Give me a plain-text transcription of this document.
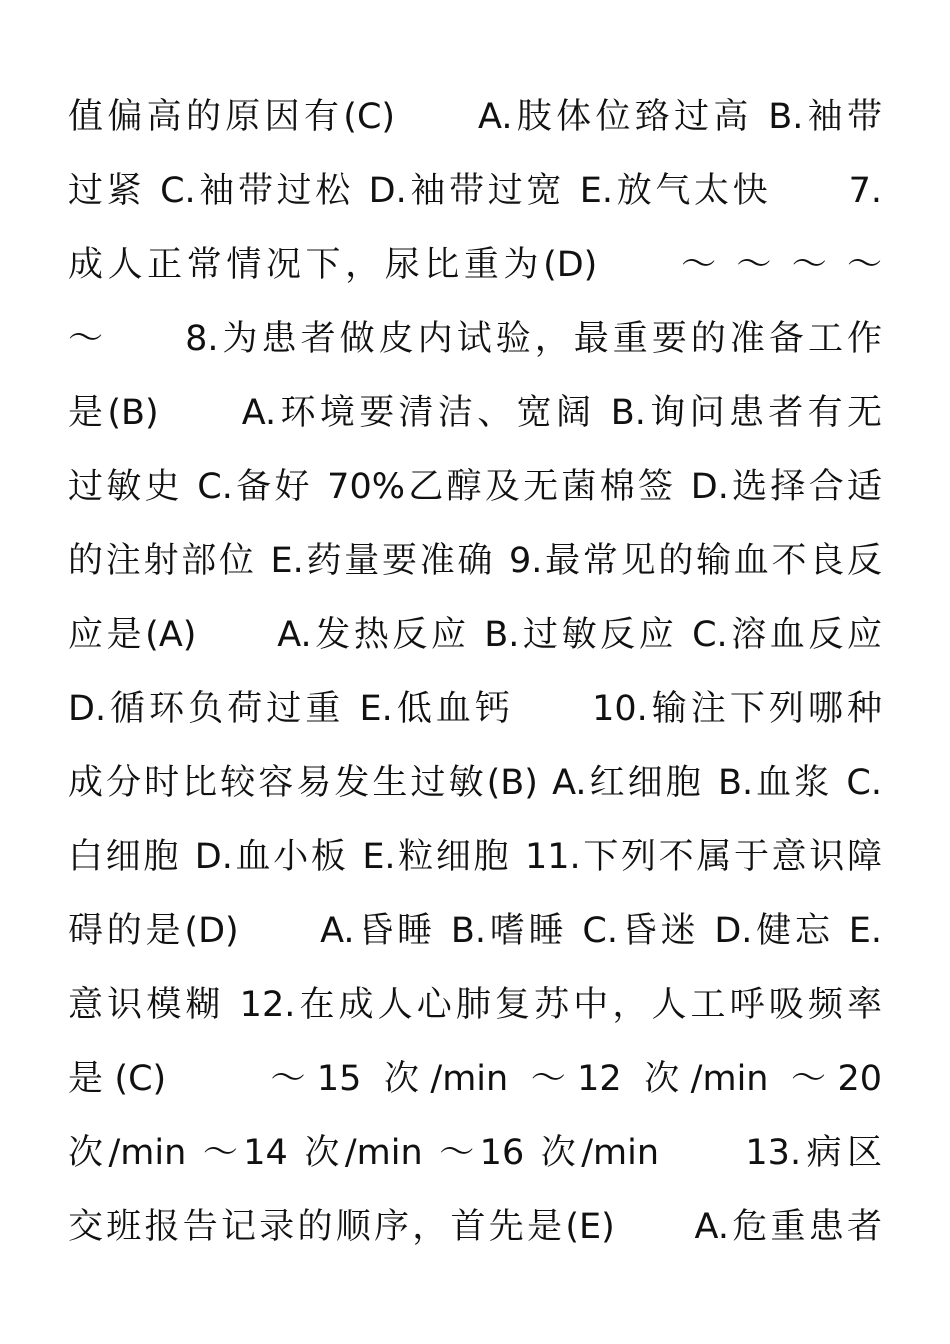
值偏高的原因有(C)　　A.肢体位臵过高 B.袖带
过紧 C.袖带过松 D.袖带过宽 E.放气太快　　7.
成人正常情况下，尿比重为(D)　　～ ～ ～ ～
～　　8.为患者做皮内试验，最重要的准备工作
是(B)　　A.环境要清洁、宽阔 B.询问患者有无
过敏史 C.备好 70%乙醇及无菌棉签 D.选择合适
的注射部位 E.药量要准确 9.最常见的输血不良反
应是(A)　　A.发热反应 B.过敏反应 C.溶血反应
D.循环负荷过重 E.低血钙　　10.输注下列哪种
成分时比较容易发生过敏(B) A.红细胞 B.血浆 C.
白细胞 D.血小板 E.粒细胞 11.下列不属于意识障
碍的是(D)　　A.昏睡 B.嗜睡 C.昏迷 D.健忘 E.
意识模糊 12.在成人心肺复苏中，人工呼吸频率
是(C)　　～15 次/min ～12 次/min ～20
次/min ～14 次/min ～16 次/min　　13.病区
交班报告记录的顺序，首先是(E)　　A.危重患者
